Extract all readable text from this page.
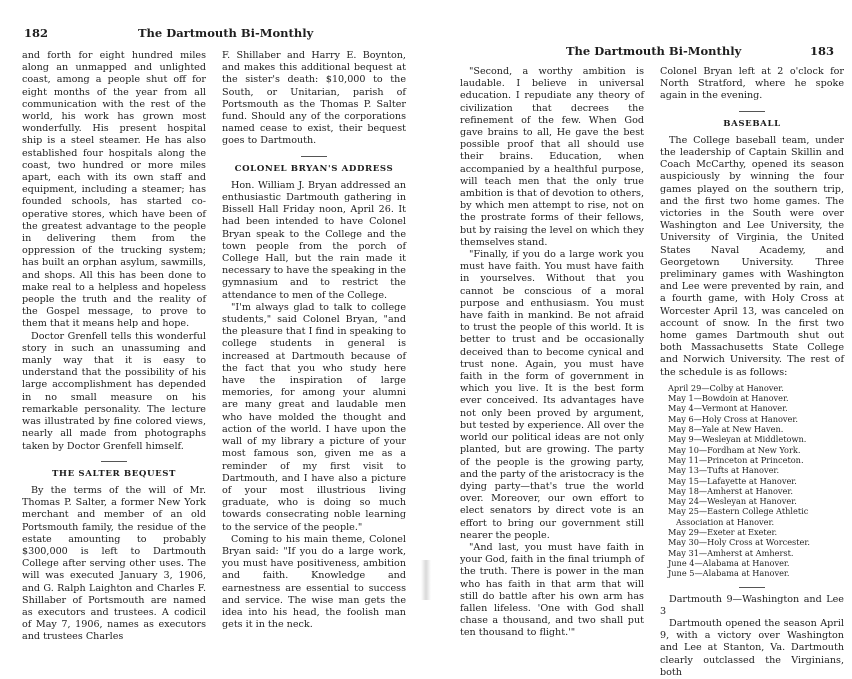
182	The Dartmouth Bi-Monthly

and forth for eight hundred miles along an unmapped and unlighted coast, among a people shut off for eight months of the year from all communication with the rest of the world, his work has grown most wonderfully. His present hospital ship is a steel steamer. He has also established four hospitals along the coast, two hundred or more miles apart, each with its own staff and equipment, including a steamer; has founded schools, has started co-operative stores, which have been of the greatest advantage to the people in delivering them from the oppression of the trucking system; has built an orphan asylum, sawmills, and shops. All this has been done to make real to a helpless and hopeless people the truth and the reality of the Gospel message, to prove to them that it means help and hope.

Doctor Grenfell tells this wonderful story in such an unassuming and manly way that it is easy to understand that the possibility of his large accomplishment has depended in no small measure on his remarkable personality. The lecture was illustrated by fine colored views, nearly all made from photographs taken by Doctor Grenfell himself.

THE SALTER BEQUEST

By the terms of the will of Mr. Thomas P. Salter, a former New York merchant and member of an old Portsmouth family, the residue of the estate amounting to probably $300,000 is left to Dartmouth College after serving other uses. The will was executed January 3, 1906, and G. Ralph Laighton and Charles F. Shillaber of Portsmouth are named as executors and trustees. A codicil of May 7, 1906, names as executors and trustees Charles

F. Shillaber and Harry E. Boynton, and makes this additional bequest at the sister's death: $10,000 to the South, or Unitarian, parish of Portsmouth as the Thomas P. Salter fund. Should any of the corporations named cease to exist, their bequest goes to Dartmouth.

COLONEL BRYAN'S ADDRESS

Hon. William J. Bryan addressed an enthusiastic Dartmouth gathering in Bissell Hall Friday noon, April 26. It had been intended to have Colonel Bryan speak to the College and the town people from the porch of College Hall, but the rain made it necessary to have the speaking in the gymnasium and to restrict the attendance to men of the College.

"I'm always glad to talk to college students," said Colonel Bryan, "and the pleasure that I find in speaking to college students in general is increased at Dartmouth because of the fact that you who study here have the inspiration of large memories, for among your alumni are many great and laudable men who have molded the thought and action of the world. I have upon the wall of my library a picture of your most famous son, given me as a reminder of my first visit to Dartmouth, and I have also a picture of your most illustrious living graduate, who is doing so much towards consecrating noble learning to the service of the people."

Coming to his main theme, Colonel Bryan said: "If you do a large work, you must have positiveness, ambition and faith. Knowledge and earnestness are essential to success and service. The wise man gets the idea into his head, the foolish man gets it in the neck.

The Dartmouth Bi-Monthly	183

"Second, a worthy ambition is laudable. I believe in universal education. I repudiate any theory of civilization that decrees the refinement of the few. When God gave brains to all, He gave the best possible proof that all should use their brains. Education, when accompanied by a healthful purpose, will teach men that the only true ambition is that of devotion to others, by which men attempt to rise, not on the prostrate forms of their fellows, but by raising the level on which they themselves stand.

"Finally, if you do a large work you must have faith. You must have faith in yourselves. Without that you cannot be conscious of a moral purpose and enthusiasm. You must have faith in mankind. Be not afraid to trust the people of this world. It is better to trust and be occasionally deceived than to become cynical and trust none. Again, you must have faith in the form of government in which you live. It is the best form ever conceived. Its advantages have not only been proved by argument, but tested by experience. All over the world our political ideas are not only planted, but are growing. The party of the people is the growing party, and the party of the aristocracy is the dying party—that's true the world over. Moreover, our own effort to elect senators by direct vote is an effort to bring our government still nearer the people.

"And last, you must have faith in your God, faith in the final triumph of the truth. There is power in the man who has faith in that arm that will still do battle after his own arm has fallen lifeless. 'One with God shall chase a thousand, and two shall put ten thousand to flight.'"

Colonel Bryan left at 2 o'clock for North Stratford, where he spoke again in the evening.

BASEBALL

The College baseball team, under the leadership of Captain Skillin and Coach McCarthy, opened its season auspiciously by winning the four games played on the southern trip, and the first two home games. The victories in the South were over Washington and Lee University, the University of Virginia, the United States Naval Academy, and Georgetown University. Three preliminary games with Washington and Lee were prevented by rain, and a fourth game, with Holy Cross at Worcester April 13, was canceled on account of snow. In the first two home games Dartmouth shut out both Massachusetts State College and Norwich University. The rest of the schedule is as follows:

April 29—Colby at Hanover.
May 1—Bowdoin at Hanover.
May 4—Vermont at Hanover.
May 6—Holy Cross at Hanover.
May 8—Yale at New Haven.
May 9—Wesleyan at Middletown.
May 10—Fordham at New York.
May 11—Princeton at Princeton.
May 13—Tufts at Hanover.
May 15—Lafayette at Hanover.
May 18—Amherst at Hanover.
May 24—Wesleyan at Hanover.
May 25—Eastern College Athletic Association at Hanover.
May 29—Exeter at Exeter.
May 30—Holy Cross at Worcester.
May 31—Amherst at Amherst.
June 4—Alabama at Hanover.
June 5—Alabama at Hanover.

Dartmouth 9—Washington and Lee 3

Dartmouth opened the season April 9, with a victory over Washington and Lee at Stanton, Va. Dartmouth clearly outclassed the Virginians, both
